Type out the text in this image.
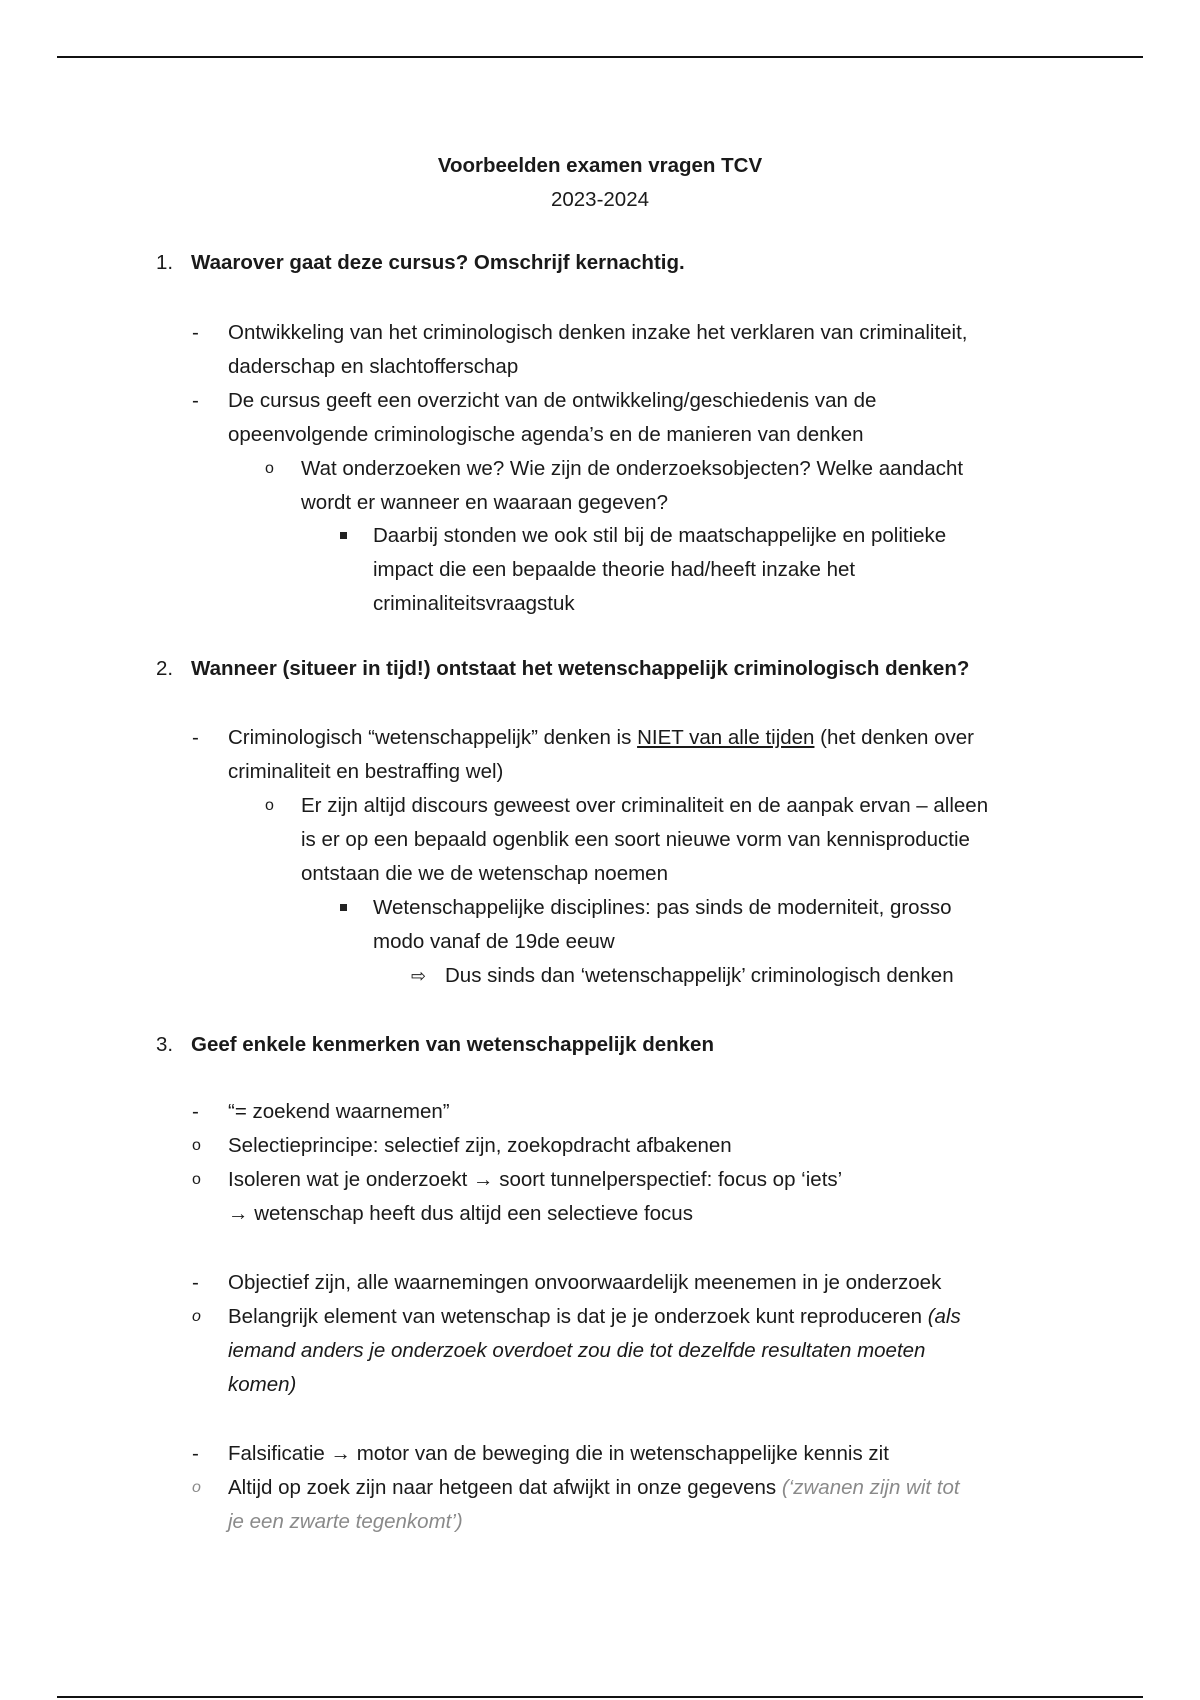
Voorbeelden examen vragen TCV
2023-2024
1. Waarover gaat deze cursus? Omschrijf kernachtig.
- Ontwikkeling van het criminologisch denken inzake het verklaren van criminaliteit,
daderschap en slachtofferschap
- De cursus geeft een overzicht van de ontwikkeling/geschiedenis van de
opeenvolgende criminologische agenda’s en de manieren van denken
o Wat onderzoeken we? Wie zijn de onderzoeksobjecten? Welke aandacht
wordt er wanneer en waaraan gegeven?
Daarbij stonden we ook stil bij de maatschappelijke en politieke
impact die een bepaalde theorie had/heeft inzake het
criminaliteitsvraagstuk
2. Wanneer (situeer in tijd!) ontstaat het wetenschappelijk criminologisch denken?
- Criminologisch “wetenschappelijk” denken is NIET van alle tijden (het denken over
criminaliteit en bestraffing wel)
o Er zijn altijd discours geweest over criminaliteit en de aanpak ervan – alleen
is er op een bepaald ogenblik een soort nieuwe vorm van kennisproductie
ontstaan die we de wetenschap noemen
Wetenschappelijke disciplines: pas sinds de moderniteit, grosso
modo vanaf de 19de eeuw
⇨ Dus sinds dan ‘wetenschappelijk’ criminologisch denken
3. Geef enkele kenmerken van wetenschappelijk denken
- “= zoekend waarnemen”
o Selectieprincipe: selectief zijn, zoekopdracht afbakenen
o Isoleren wat je onderzoekt → soort tunnelperspectief: focus op ‘iets’
→ wetenschap heeft dus altijd een selectieve focus
- Objectief zijn, alle waarnemingen onvoorwaardelijk meenemen in je onderzoek
o Belangrijk element van wetenschap is dat je je onderzoek kunt reproduceren (als
iemand anders je onderzoek overdoet zou die tot dezelfde resultaten moeten
komen)
- Falsificatie → motor van de beweging die in wetenschappelijke kennis zit
o Altijd op zoek zijn naar hetgeen dat afwijkt in onze gegevens (‘zwanen zijn wit tot
je een zwarte tegenkomt’)
